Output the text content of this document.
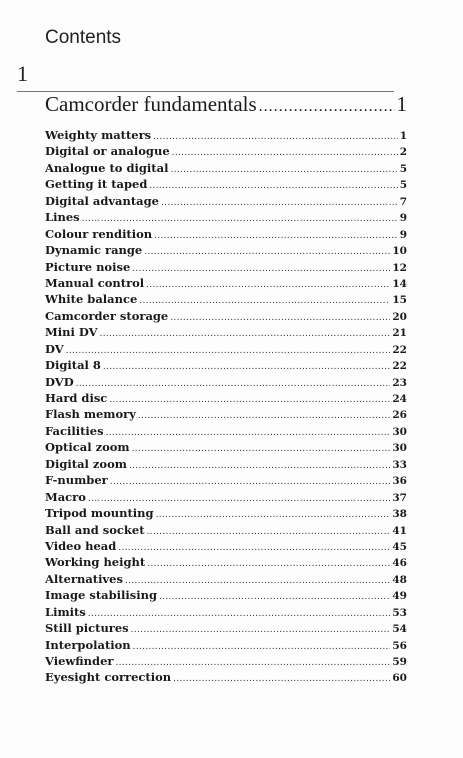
Contents
1
Camcorder fundamentals .....	1
Weighty matters .....	1
Digital or analogue .....	2
Analogue to digital .....	5
Getting it taped .....	5
Digital advantage .....	7
Lines .....	9
Colour rendition .....	9
Dynamic range .....	10
Picture noise .....	12
Manual control .....	14
White balance .....	15
Camcorder storage .....	20
Mini DV .....	21
DV .....	22
Digital 8 .....	22
DVD .....	23
Hard disc .....	24
Flash memory .....	26
Facilities .....	30
Optical zoom .....	30
Digital zoom .....	33
F-number .....	36
Macro .....	37
Tripod mounting .....	38
Ball and socket .....	41
Video head .....	45
Working height .....	46
Alternatives .....	48
Image stabilising .....	49
Limits .....	53
Still pictures .....	54
Interpolation .....	56
Viewfinder .....	59
Eyesight correction .....	60
